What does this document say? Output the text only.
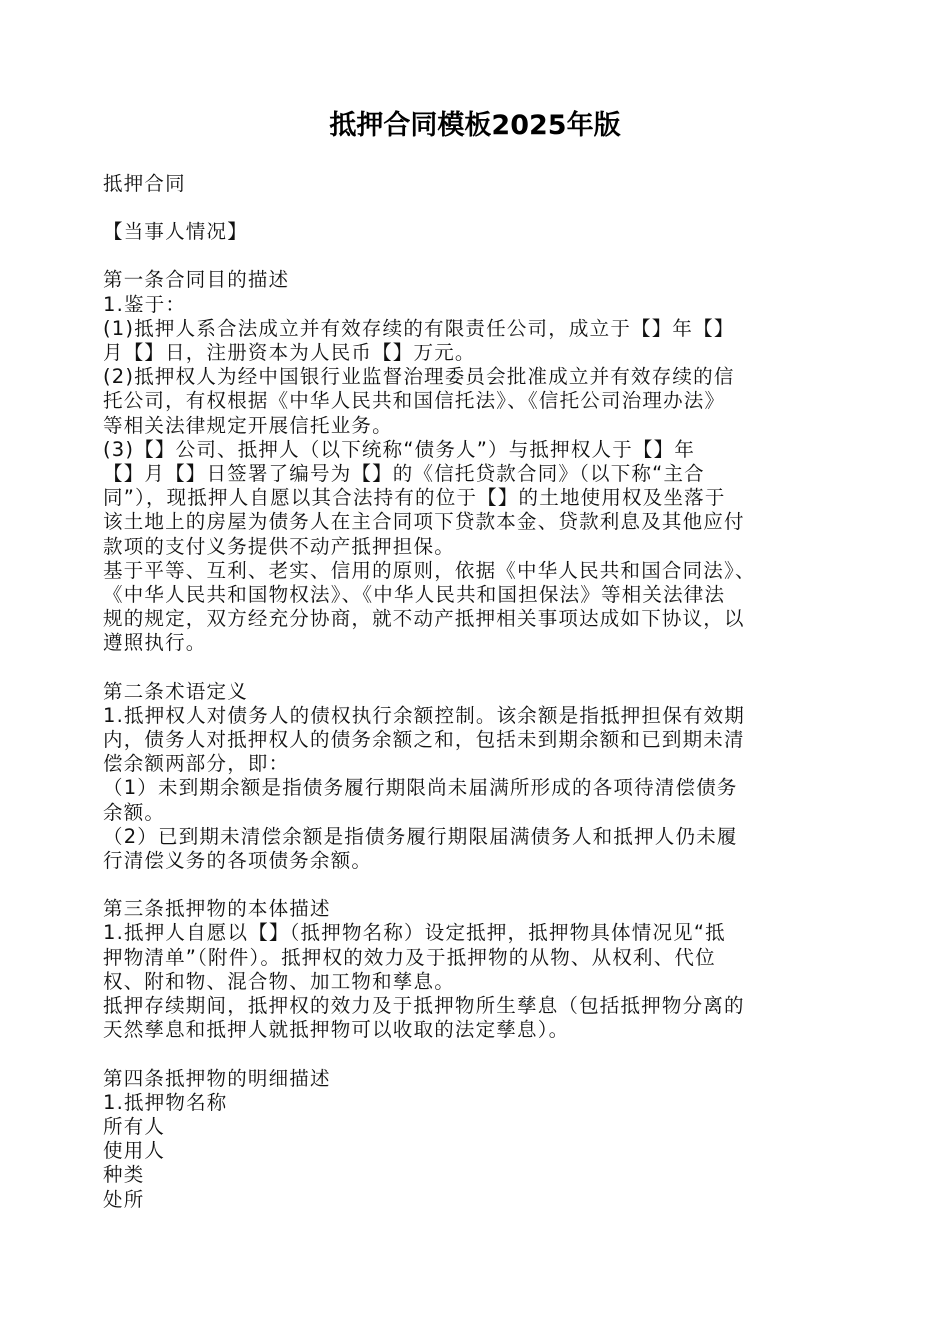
抵押合同模板2025年版
抵押合同
【当事人情况】
第一条合同目的描述
1.鉴于：
(1)抵押人系合法成立并有效存续的有限责任公司，成立于【】年【】
月【】日，注册资本为人民币【】万元。
(2)抵押权人为经中国银行业监督治理委员会批准成立并有效存续的信
托公司，有权根据《中华人民共和国信托法》、《信托公司治理办法》
等相关法律规定开展信托业务。
(3)【】公司、抵押人（以下统称“债务人”）与抵押权人于【】年
【】月【】日签署了编号为【】的《信托贷款合同》（以下称“主合
同”），现抵押人自愿以其合法持有的位于【】的土地使用权及坐落于
该土地上的房屋为债务人在主合同项下贷款本金、贷款利息及其他应付
款项的支付义务提供不动产抵押担保。
基于平等、互利、老实、信用的原则，依据《中华人民共和国合同法》、
《中华人民共和国物权法》、《中华人民共和国担保法》等相关法律法
规的规定，双方经充分协商，就不动产抵押相关事项达成如下协议，以
遵照执行。
第二条术语定义
1.抵押权人对债务人的债权执行余额控制。该余额是指抵押担保有效期
内，债务人对抵押权人的债务余额之和，包括未到期余额和已到期未清
偿余额两部分，即：
（1）未到期余额是指债务履行期限尚未届满所形成的各项待清偿债务
余额。
（2）已到期未清偿余额是指债务履行期限届满债务人和抵押人仍未履
行清偿义务的各项债务余额。
第三条抵押物的本体描述
1.抵押人自愿以【】（抵押物名称）设定抵押，抵押物具体情况见“抵
押物清单”（附件）。抵押权的效力及于抵押物的从物、从权利、代位
权、附和物、混合物、加工物和孳息。
抵押存续期间，抵押权的效力及于抵押物所生孳息（包括抵押物分离的
天然孳息和抵押人就抵押物可以收取的法定孳息）。
第四条抵押物的明细描述
1.抵押物名称
所有人
使用人
种类
处所
